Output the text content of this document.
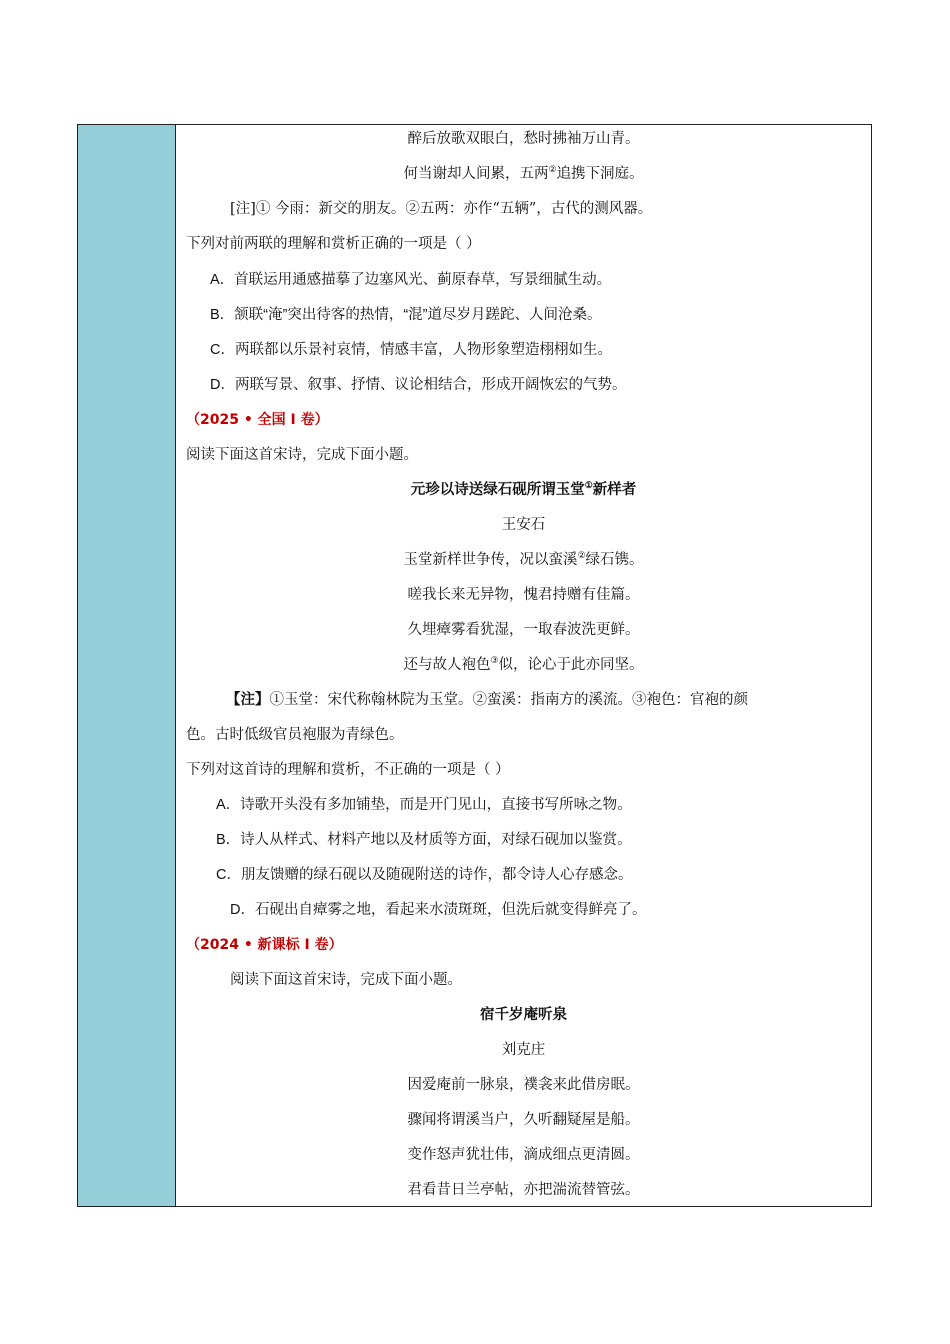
醉后放歌双眼白，愁时拂袖万山青。
何当谢却人间累，五两②追携下洞庭。
[注]① 今雨：新交的朋友。②五两：亦作“五辆”，古代的测风器。
下列对前两联的理解和赏析正确的一项是（ ）
A．首联运用通感描摹了边塞风光、蓟原春草，写景细腻生动。
B．颔联“淹”突出待客的热情，“混”道尽岁月蹉跎、人间沧桑。
C．两联都以乐景衬哀情，情感丰富，人物形象塑造栩栩如生。
D．两联写景、叙事、抒情、议论相结合，形成开阔恢宏的气势。
（2025 • 全国 I 卷）
阅读下面这首宋诗，完成下面小题。
元珍以诗送绿石砚所谓玉堂①新样者
王安石
玉堂新样世争传，况以蛮溪②绿石镌。
嗟我长来无异物，愧君持赠有佳篇。
久埋瘴雾看犹湿，一取春波洗更鲜。
还与故人袍色③似，论心于此亦同坚。
【注】①玉堂：宋代称翰林院为玉堂。②蛮溪：指南方的溪流。③袍色：官袍的颜
色。古时低级官员袍服为青绿色。
下列对这首诗的理解和赏析，不正确的一项是（ ）
A．诗歌开头没有多加铺垫，而是开门见山，直接书写所咏之物。
B．诗人从样式、材料产地以及材质等方面，对绿石砚加以鉴赏。
C．朋友馈赠的绿石砚以及随砚附送的诗作，都令诗人心存感念。
D．石砚出自瘴雾之地，看起来水渍斑斑，但洗后就变得鲜亮了。
（2024 • 新课标 I 卷）
阅读下面这首宋诗，完成下面小题。
宿千岁庵听泉
刘克庄
因爱庵前一脉泉，襆衾来此借房眠。
骤闻将谓溪当户，久听翻疑屋是船。
变作怒声犹壮伟，滴成细点更清圆。
君看昔日兰亭帖，亦把湍流替管弦。
